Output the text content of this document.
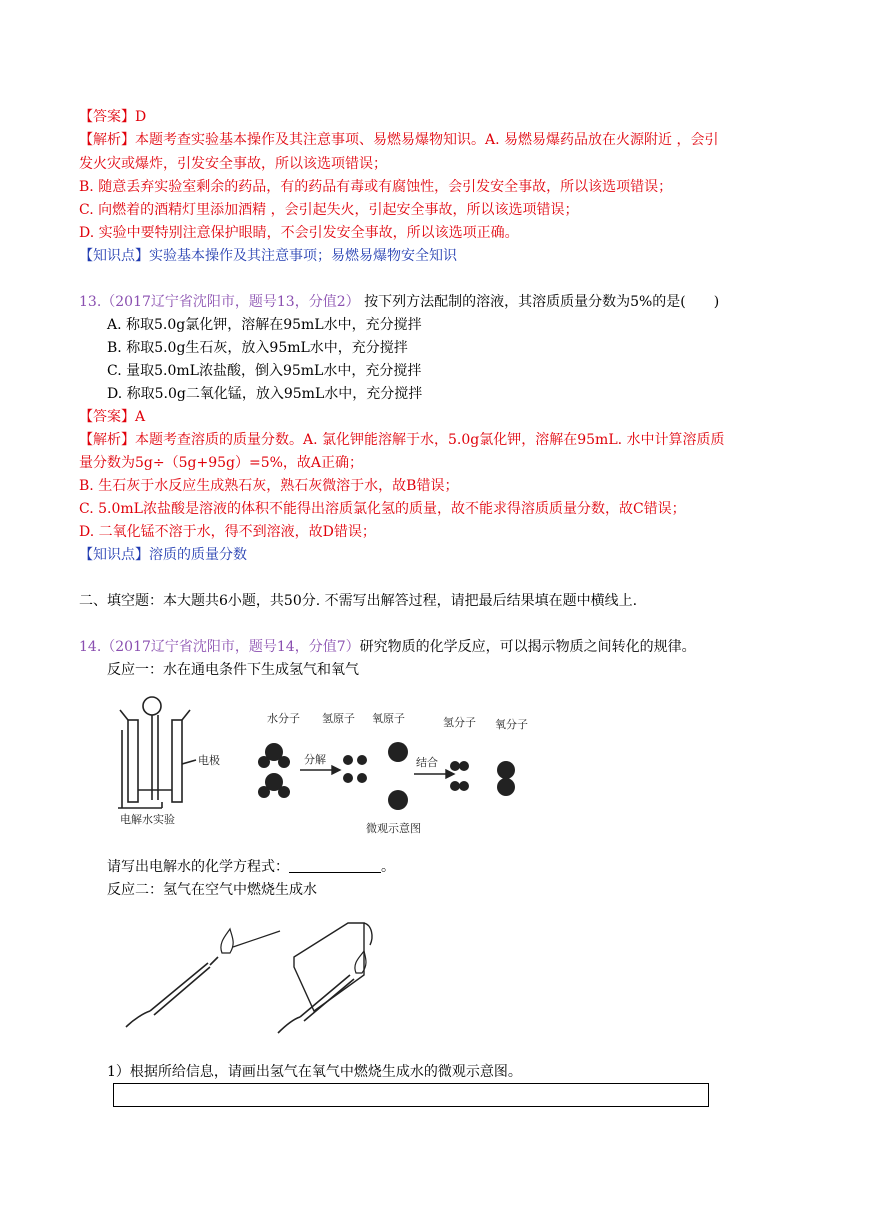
【答案】D
【解析】本题考查实验基本操作及其注意事项、易燃易爆物知识。A. 易燃易爆药品放在火源附近 ，会引
发火灾或爆炸，引发安全事故，所以该选项错误；
B. 随意丢弃实验室剩余的药品，有的药品有毒或有腐蚀性，会引发安全事故，所以该选项错误；
C. 向燃着的酒精灯里添加酒精 ，会引起失火，引起安全事故，所以该选项错误；
D. 实验中要特别注意保护眼睛，不会引发安全事故，所以该选项正确。
【知识点】实验基本操作及其注意事项；易燃易爆物安全知识
13.（2017辽宁省沈阳市，题号13，分值2） 按下列方法配制的溶液，其溶质质量分数为5%的是(　　)
A. 称取5.0g氯化钾，溶解在95mL水中，充分搅拌
B. 称取5.0g生石灰，放入95mL水中，充分搅拌
C. 量取5.0mL浓盐酸，倒入95mL水中，充分搅拌
D. 称取5.0g二氧化锰，放入95mL水中，充分搅拌
【答案】A
【解析】本题考查溶质的质量分数。A. 氯化钾能溶解于水，5.0g氯化钾，溶解在95mL. 水中计算溶质质
量分数为5g÷（5g+95g）=5%，故A正确；
B. 生石灰于水反应生成熟石灰，熟石灰微溶于水，故B错误；
C. 5.0mL浓盐酸是溶液的体积不能得出溶质氯化氢的质量，故不能求得溶质质量分数，故C错误；
D. 二氧化锰不溶于水，得不到溶液，故D错误；
【知识点】溶质的质量分数
二、填空题：本大题共6小题，共50分. 不需写出解答过程，请把最后结果填在题中横线上.
14.（2017辽宁省沈阳市，题号14，分值7）研究物质的化学反应，可以揭示物质之间转化的规律。
反应一：水在通电条件下生成氢气和氧气
电极
电解水实验
水分子 氢原子 氧原子	氢分子 氧分子
分解	结合
微观示意图
请写出电解水的化学方程式：	。
反应二：氢气在空气中燃烧生成水
1）根据所给信息，请画出氢气在氧气中燃烧生成水的微观示意图。
